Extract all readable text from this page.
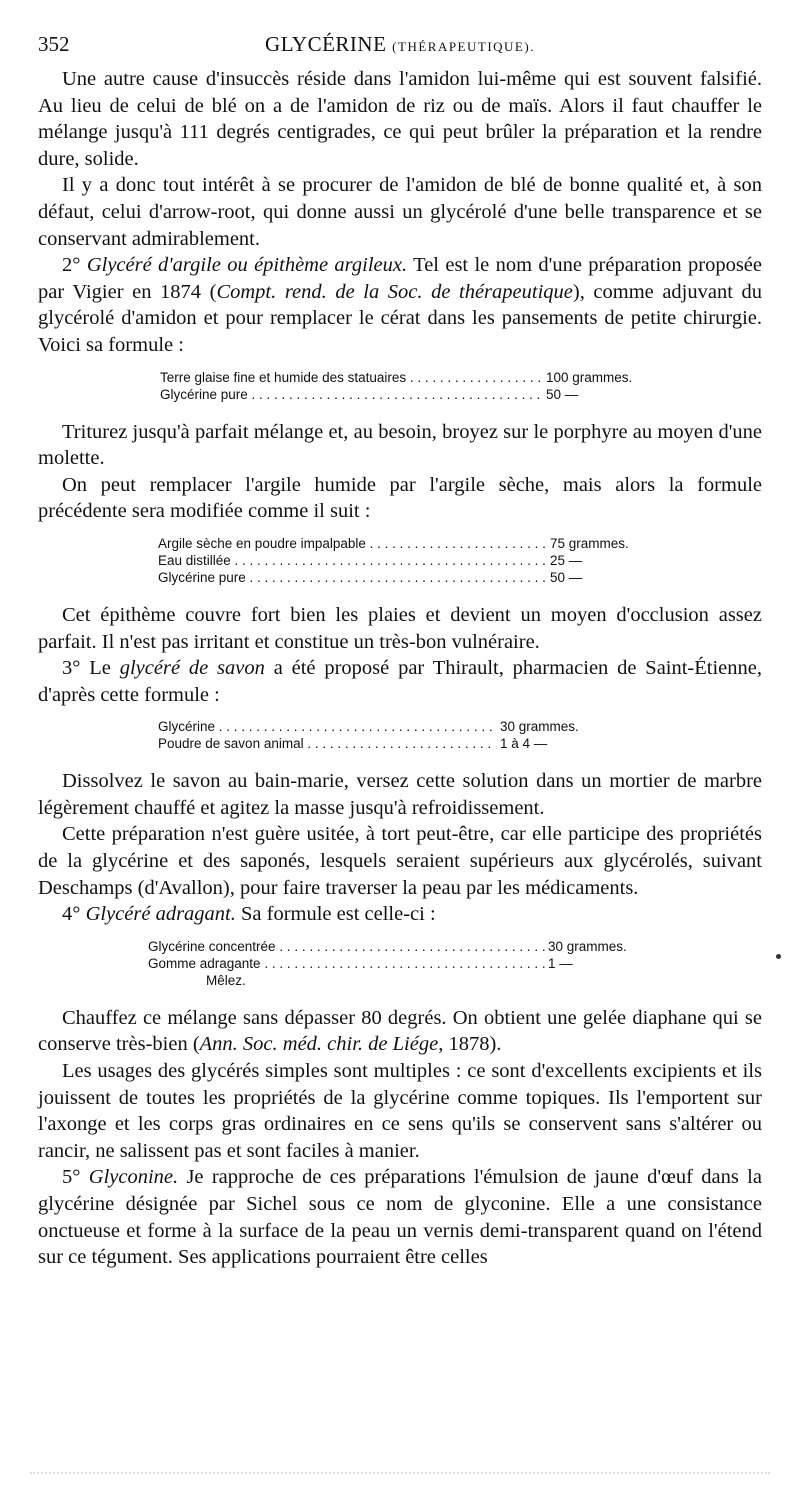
352	GLYCÉRINE (THÉRAPEUTIQUE).

Une autre cause d'insuccès réside dans l'amidon lui-même qui est souvent falsifié. Au lieu de celui de blé on a de l'amidon de riz ou de maïs. Alors il faut chauffer le mélange jusqu'à 111 degrés centigrades, ce qui peut brûler la préparation et la rendre dure, solide.

Il y a donc tout intérêt à se procurer de l'amidon de blé de bonne qualité et, à son défaut, celui d'arrow-root, qui donne aussi un glycérolé d'une belle transparence et se conservant admirablement.

2° Glycéré d'argile ou épithème argileux. Tel est le nom d'une préparation proposée par Vigier en 1874 (Compt. rend. de la Soc. de thérapeutique), comme adjuvant du glycérolé d'amidon et pour remplacer le cérat dans les pansements de petite chirurgie. Voici sa formule :

Terre glaise fine et humide des statuaires . . .	100 grammes.
Glycérine pure . . .	50 —

Triturez jusqu'à parfait mélange et, au besoin, broyez sur le porphyre au moyen d'une molette.

On peut remplacer l'argile humide par l'argile sèche, mais alors la formule précédente sera modifiée comme il suit :

Argile sèche en poudre impalpable . . .	75 grammes.
Eau distillée . . .	25 —
Glycérine pure . . .	50 —

Cet épithème couvre fort bien les plaies et devient un moyen d'occlusion assez parfait. Il n'est pas irritant et constitue un très-bon vulnéraire.

3° Le glycéré de savon a été proposé par Thirault, pharmacien de Saint-Étienne, d'après cette formule :

Glycérine . . .	30 grammes.
Poudre de savon animal . . .	1 à 4 —

Dissolvez le savon au bain-marie, versez cette solution dans un mortier de marbre légèrement chauffé et agitez la masse jusqu'à refroidissement.

Cette préparation n'est guère usitée, à tort peut-être, car elle participe des propriétés de la glycérine et des saponés, lesquels seraient supérieurs aux glycérolés, suivant Deschamps (d'Avallon), pour faire traverser la peau par les médicaments.

4° Glycéré adragant. Sa formule est celle-ci :

Glycérine concentrée . . .	30 grammes.
Gomme adragante . . .	1 —
Mêlez.

Chauffez ce mélange sans dépasser 80 degrés. On obtient une gelée diaphane qui se conserve très-bien (Ann. Soc. méd. chir. de Liége, 1878).

Les usages des glycérés simples sont multiples : ce sont d'excellents excipients et ils jouissent de toutes les propriétés de la glycérine comme topiques. Ils l'emportent sur l'axonge et les corps gras ordinaires en ce sens qu'ils se conservent sans s'altérer ou rancir, ne salissent pas et sont faciles à manier.

5° Glyconine. Je rapproche de ces préparations l'émulsion de jaune d'œuf dans la glycérine désignée par Sichel sous ce nom de glyconine. Elle a une consistance onctueuse et forme à la surface de la peau un vernis demi-transparent quand on l'étend sur ce tégument. Ses applications pourraient être celles
